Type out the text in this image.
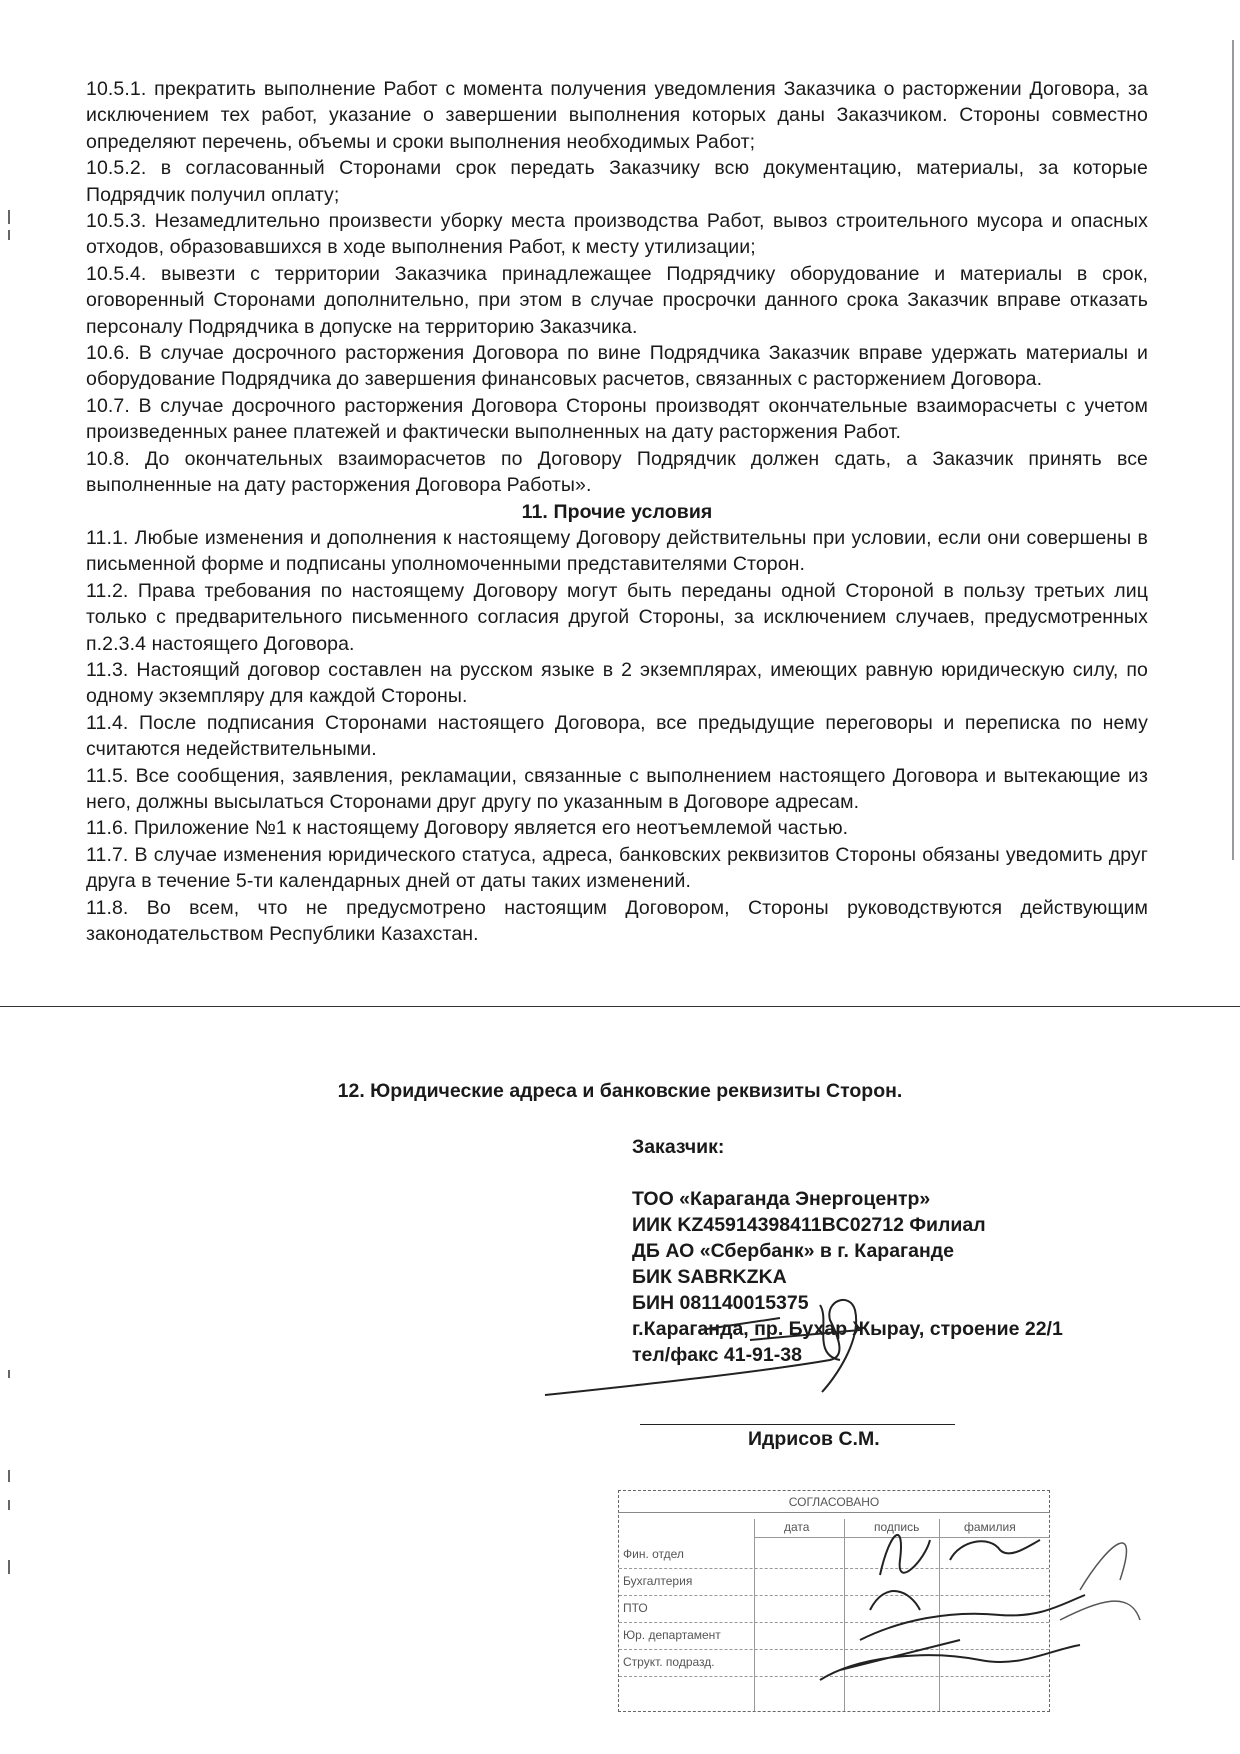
10.5.1. прекратить выполнение Работ с момента получения уведомления Заказчика о расторжении Договора, за исключением тех работ, указание о завершении выполнения которых даны Заказчиком. Стороны совместно определяют перечень, объемы и сроки выполнения необходимых Работ;

10.5.2. в согласованный Сторонами срок передать Заказчику всю документацию, материалы, за которые Подрядчик получил оплату;

10.5.3. Незамедлительно произвести уборку места производства Работ, вывоз строительного мусора и опасных отходов, образовавшихся в ходе выполнения Работ, к месту утилизации;

10.5.4. вывезти с территории Заказчика принадлежащее Подрядчику оборудование и материалы в срок, оговоренный Сторонами дополнительно, при этом в случае просрочки данного срока Заказчик вправе отказать персоналу Подрядчика в допуске на территорию Заказчика.

10.6. В случае досрочного расторжения Договора по вине Подрядчика Заказчик вправе удержать материалы и оборудование Подрядчика до завершения финансовых расчетов, связанных с расторжением Договора.

10.7. В случае досрочного расторжения Договора Стороны производят окончательные взаиморасчеты с учетом произведенных ранее платежей и фактически выполненных на дату расторжения Работ.

10.8. До окончательных взаиморасчетов по Договору Подрядчик должен сдать, а Заказчик принять все выполненные на дату расторжения Договора Работы».

11. Прочие условия

11.1. Любые изменения и дополнения к настоящему Договору действительны при условии, если они совершены в письменной форме и подписаны уполномоченными представителями Сторон.

11.2. Права требования по настоящему Договору могут быть переданы одной Стороной в пользу третьих лиц только с предварительного письменного согласия другой Стороны, за исключением случаев, предусмотренных п.2.3.4 настоящего Договора.

11.3. Настоящий договор составлен на русском языке в 2 экземплярах, имеющих равную юридическую силу, по одному экземпляру для каждой Стороны.

11.4. После подписания Сторонами настоящего Договора, все предыдущие переговоры и переписка по нему считаются недействительными.

11.5. Все сообщения, заявления, рекламации, связанные с выполнением настоящего Договора и вытекающие из него, должны высылаться Сторонами друг другу по указанным в Договоре адресам.

11.6. Приложение №1 к настоящему Договору является его неотъемлемой частью.

11.7. В случае изменения юридического статуса, адреса, банковских реквизитов Стороны обязаны уведомить друг друга в течение 5-ти календарных дней от даты таких изменений.

11.8. Во всем, что не предусмотрено настоящим Договором, Стороны руководствуются действующим законодательством Республики Казахстан.

12. Юридические адреса и банковские реквизиты Сторон.
Заказчик:
ТОО «Караганда Энергоцентр»
ИИК KZ45914398411BC02712 Филиал
ДБ АО «Сбербанк» в г. Караганде
БИК SABRKZKA
БИН 081140015375
г.Караганда, пр. Бухар Жырау, строение 22/1
тел/факс 41-91-38
Идрисов С.М.
СОГЛАСОВАНО
дата	подпись	фамилия
Фин. отдел
Бухгалтерия
ПТО
Юр. департамент
Структ. подразд.
